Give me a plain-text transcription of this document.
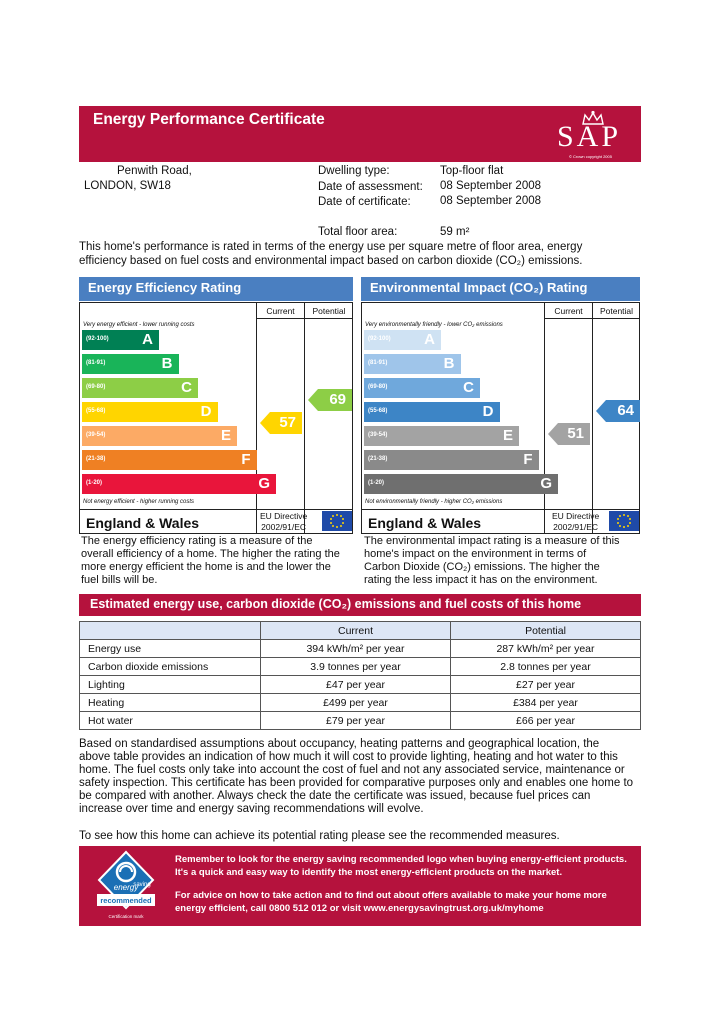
Energy Performance Certificate
SAP
© Crown copyright 2005
Penwith Road,
LONDON, SW18
Dwelling type:	Top-floor flat
Date of assessment: 08 September 2008
Date of certificate:	08 September 2008
Total floor area:	59 m²
This home's performance is rated in terms of the energy use per square metre of floor area, energy
efficiency based on fuel costs and environmental impact based on carbon dioxide (CO₂) emissions.
Energy Efficiency Rating
Current	Potential
Very energy efficient - lower running costs
Not energy efficient - higher running costs
(92-100) A
(81-91)	B
(69-80)	C
(55-68)	D
(39-54)	E
(21-38)	F
(1-20)	G
57
69
England & Wales	EU Directive
2002/91/EC
The energy efficiency rating is a measure of the
overall efficiency of a home. The higher the rating the
more energy efficient the home is and the lower the
fuel bills will be.
Environmental Impact (CO₂) Rating
Current	Potential
Very environmentally friendly - lower CO₂ emissions
Not environmentally friendly - higher CO₂ emissions
(92-100) A
(81-91)	B
(69-80)	C
(55-68)	D
(39-54)	E
(21-38)	F
(1-20)	G
51
64
England & Wales	EU Directive
2002/91/EC
The environmental impact rating is a measure of this
home's impact on the environment in terms of
Carbon Dioxide (CO₂) emissions. The higher the
rating the less impact it has on the environment.
Estimated energy use, carbon dioxide (CO₂) emissions and fuel costs of this home
	Current	Potential
Energy use	394 kWh/m² per year	287 kWh/m² per year
Carbon dioxide emissions	3.9 tonnes per year	2.8 tonnes per year
Lighting	£47 per year	£27 per year
Heating	£499 per year	£384 per year
Hot water	£79 per year	£66 per year
Based on standardised assumptions about occupancy, heating patterns and geographical location, the
above table provides an indication of how much it will cost to provide lighting, heating and hot water to this
home. The fuel costs only take into account the cost of fuel and not any associated service, maintenance or
safety inspection. This certificate has been provided for comparative purposes only and enables one home to
be compared with another. Always check the date the certificate was issued, because fuel prices can
increase over time and energy saving recommendations will evolve.
To see how this home can achieve its potential rating please see the recommended measures.
energy
saving
recommended
Certification mark
Remember to look for the energy saving recommended logo when buying energy-efficient products.
It's a quick and easy way to identify the most energy-efficient products on the market.
For advice on how to take action and to find out about offers available to make your home more
energy efficient, call 0800 512 012 or visit www.energysavingtrust.org.uk/myhome
